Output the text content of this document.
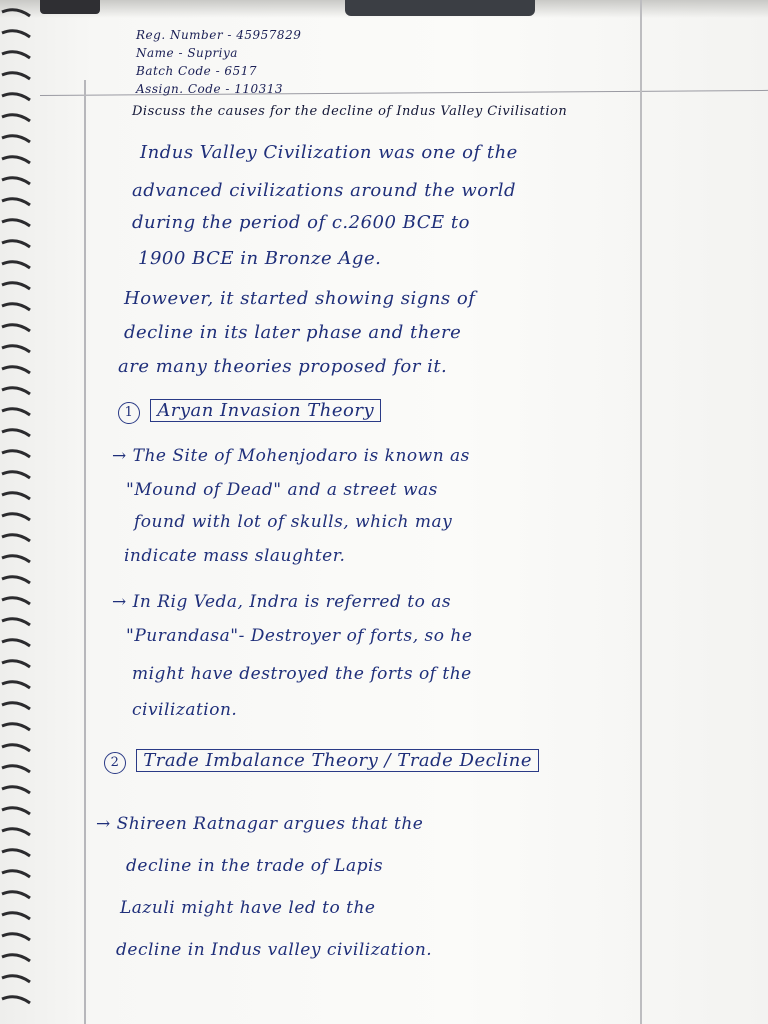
Reg. Number - 45957829
Name - Supriya
Batch Code - 6517
Assign. Code - 110313
Discuss the causes for the decline of Indus Valley Civilisation
Indus Valley Civilization was one of the
advanced civilizations around the world
during the period of c.2600 BCE to
1900 BCE in Bronze Age.
However, it started showing signs of
decline in its later phase and there
are many theories proposed for it.
1 Aryan Invasion Theory
→ The Site of Mohenjodaro is known as
"Mound of Dead" and a street was
found with lot of skulls, which may
indicate mass slaughter.
→ In Rig Veda, Indra is referred to as
"Purandasa"- Destroyer of forts, so he
might have destroyed the forts of the
civilization.
2 Trade Imbalance Theory / Trade Decline
→ Shireen Ratnagar argues that the
decline in the trade of Lapis
Lazuli might have led to the
decline in Indus valley civilization.
